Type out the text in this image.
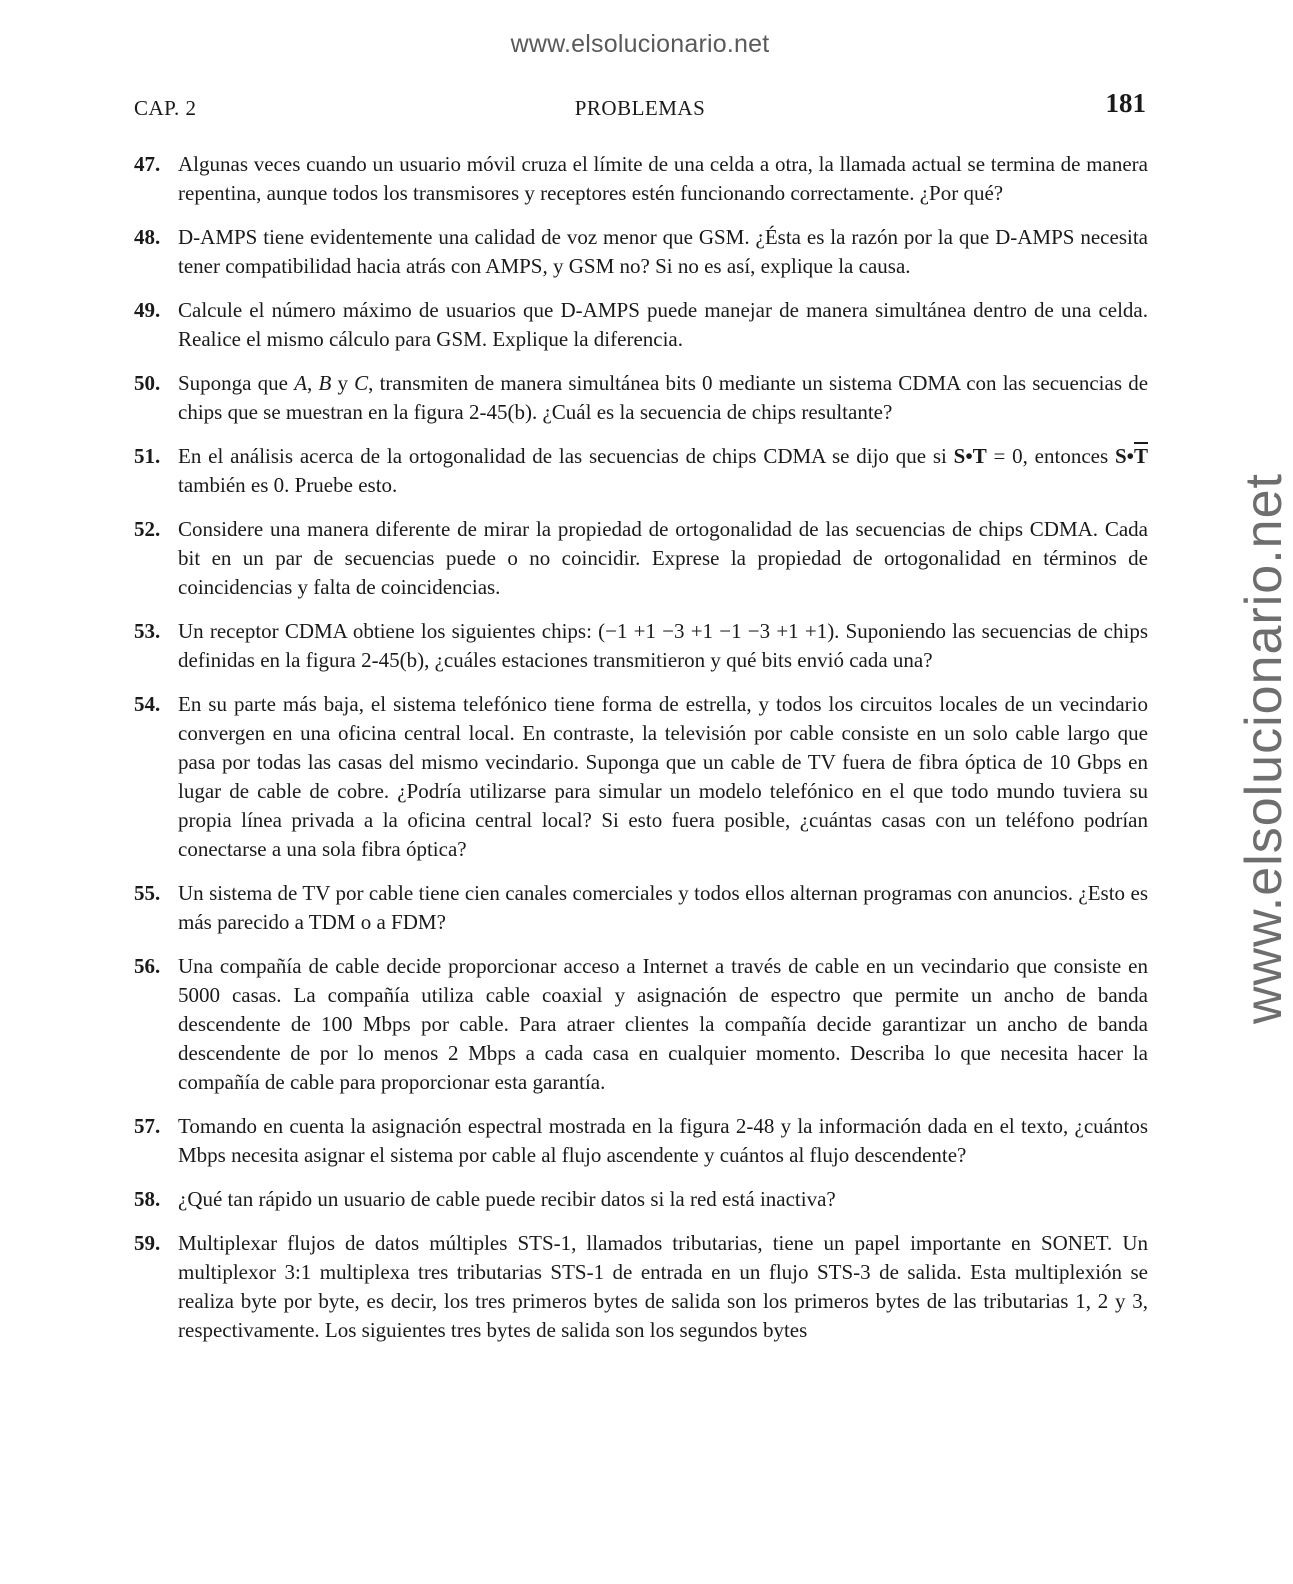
www.elsolucionario.net
www.elsolucionario.net
CAP. 2	PROBLEMAS	181
47. Algunas veces cuando un usuario móvil cruza el límite de una celda a otra, la llamada actual se termina de manera repentina, aunque todos los transmisores y receptores estén funcionando correctamente. ¿Por qué?
48. D-AMPS tiene evidentemente una calidad de voz menor que GSM. ¿Ésta es la razón por la que D-AMPS necesita tener compatibilidad hacia atrás con AMPS, y GSM no? Si no es así, explique la causa.
49. Calcule el número máximo de usuarios que D-AMPS puede manejar de manera simultánea dentro de una celda. Realice el mismo cálculo para GSM. Explique la diferencia.
50. Suponga que A, B y C, transmiten de manera simultánea bits 0 mediante un sistema CDMA con las secuencias de chips que se muestran en la figura 2-45(b). ¿Cuál es la secuencia de chips resultante?
51. En el análisis acerca de la ortogonalidad de las secuencias de chips CDMA se dijo que si S•T = 0, entonces $S•\overline{T}$ también es 0. Pruebe esto.
52. Considere una manera diferente de mirar la propiedad de ortogonalidad de las secuencias de chips CDMA. Cada bit en un par de secuencias puede o no coincidir. Exprese la propiedad de ortogonalidad en términos de coincidencias y falta de coincidencias.
53. Un receptor CDMA obtiene los siguientes chips: (−1 +1 −3 +1 −1 −3 +1 +1). Suponiendo las secuencias de chips definidas en la figura 2-45(b), ¿cuáles estaciones transmitieron y qué bits envió cada una?
54. En su parte más baja, el sistema telefónico tiene forma de estrella, y todos los circuitos locales de un vecindario convergen en una oficina central local. En contraste, la televisión por cable consiste en un solo cable largo que pasa por todas las casas del mismo vecindario. Suponga que un cable de TV fuera de fibra óptica de 10 Gbps en lugar de cable de cobre. ¿Podría utilizarse para simular un modelo telefónico en el que todo mundo tuviera su propia línea privada a la oficina central local? Si esto fuera posible, ¿cuántas casas con un teléfono podrían conectarse a una sola fibra óptica?
55. Un sistema de TV por cable tiene cien canales comerciales y todos ellos alternan programas con anuncios. ¿Esto es más parecido a TDM o a FDM?
56. Una compañía de cable decide proporcionar acceso a Internet a través de cable en un vecindario que consiste en 5000 casas. La compañía utiliza cable coaxial y asignación de espectro que permite un ancho de banda descendente de 100 Mbps por cable. Para atraer clientes la compañía decide garantizar un ancho de banda descendente de por lo menos 2 Mbps a cada casa en cualquier momento. Describa lo que necesita hacer la compañía de cable para proporcionar esta garantía.
57. Tomando en cuenta la asignación espectral mostrada en la figura 2-48 y la información dada en el texto, ¿cuántos Mbps necesita asignar el sistema por cable al flujo ascendente y cuántos al flujo descendente?
58. ¿Qué tan rápido un usuario de cable puede recibir datos si la red está inactiva?
59. Multiplexar flujos de datos múltiples STS-1, llamados tributarias, tiene un papel importante en SONET. Un multiplexor 3:1 multiplexa tres tributarias STS-1 de entrada en un flujo STS-3 de salida. Esta multiplexión se realiza byte por byte, es decir, los tres primeros bytes de salida son los primeros bytes de las tributarias 1, 2 y 3, respectivamente. Los siguientes tres bytes de salida son los segundos bytes
